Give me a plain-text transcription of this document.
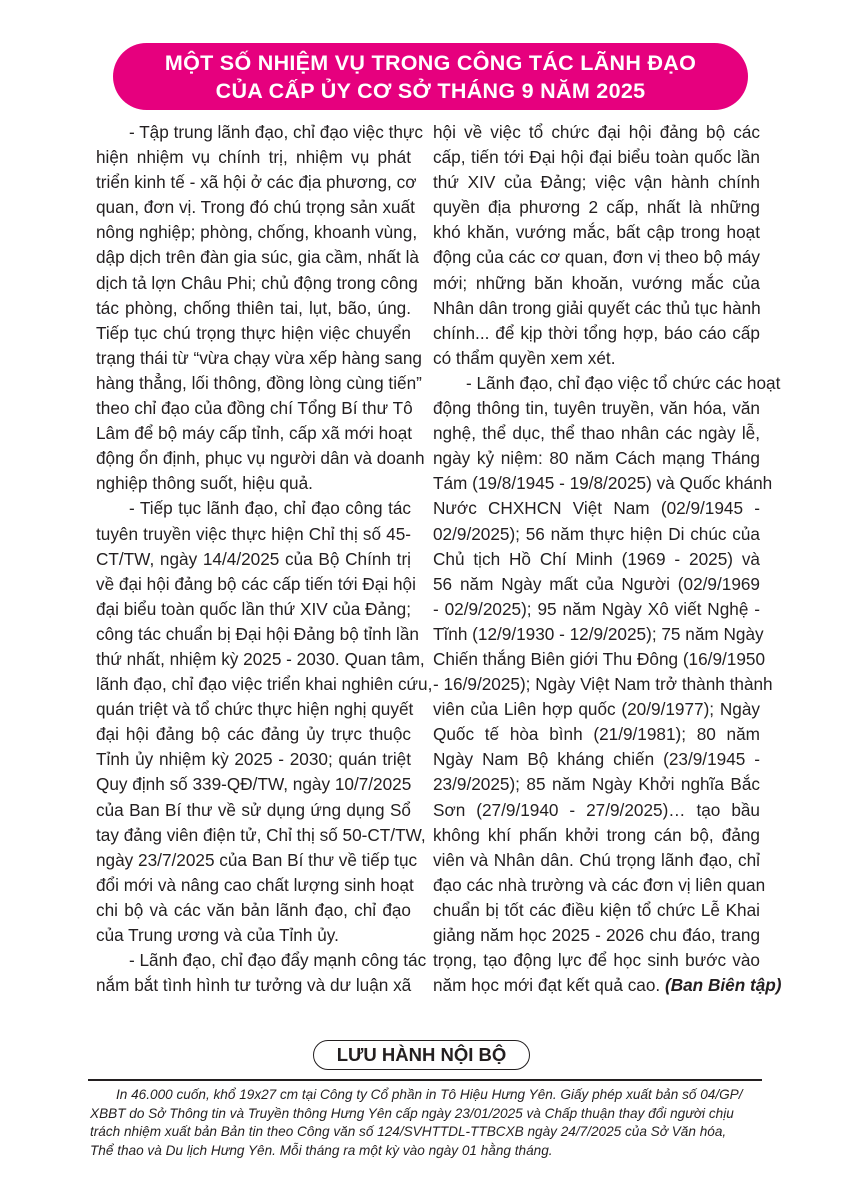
MỘT SỐ NHIỆM VỤ TRONG CÔNG TÁC LÃNH ĐẠO
CỦA CẤP ỦY CƠ SỞ THÁNG 9 NĂM 2025
- Tập trung lãnh đạo, chỉ đạo việc thực
hiện nhiệm vụ chính trị, nhiệm vụ phát
triển kinh tế - xã hội ở các địa phương, cơ
quan, đơn vị. Trong đó chú trọng sản xuất
nông nghiệp; phòng, chống, khoanh vùng,
dập dịch trên đàn gia súc, gia cầm, nhất là
dịch tả lợn Châu Phi; chủ động trong công
tác phòng, chống thiên tai, lụt, bão, úng.
Tiếp tục chú trọng thực hiện việc chuyển
trạng thái từ “vừa chạy vừa xếp hàng sang
hàng thẳng, lối thông, đồng lòng cùng tiến”
theo chỉ đạo của đồng chí Tổng Bí thư Tô
Lâm để bộ máy cấp tỉnh, cấp xã mới hoạt
động ổn định, phục vụ người dân và doanh
nghiệp thông suốt, hiệu quả.
- Tiếp tục lãnh đạo, chỉ đạo công tác
tuyên truyền việc thực hiện Chỉ thị số 45-
CT/TW, ngày 14/4/2025 của Bộ Chính trị
về đại hội đảng bộ các cấp tiến tới Đại hội
đại biểu toàn quốc lần thứ XIV của Đảng;
công tác chuẩn bị Đại hội Đảng bộ tỉnh lần
thứ nhất, nhiệm kỳ 2025 - 2030. Quan tâm,
lãnh đạo, chỉ đạo việc triển khai nghiên cứu,
quán triệt và tổ chức thực hiện nghị quyết
đại hội đảng bộ các đảng ủy trực thuộc
Tỉnh ủy nhiệm kỳ 2025 - 2030; quán triệt
Quy định số 339-QĐ/TW, ngày 10/7/2025
của Ban Bí thư về sử dụng ứng dụng Sổ
tay đảng viên điện tử, Chỉ thị số 50-CT/TW,
ngày 23/7/2025 của Ban Bí thư về tiếp tục
đổi mới và nâng cao chất lượng sinh hoạt
chi bộ và các văn bản lãnh đạo, chỉ đạo
của Trung ương và của Tỉnh ủy.
- Lãnh đạo, chỉ đạo đẩy mạnh công tác
nắm bắt tình hình tư tưởng và dư luận xã
hội về việc tổ chức đại hội đảng bộ các
cấp, tiến tới Đại hội đại biểu toàn quốc lần
thứ XIV của Đảng; việc vận hành chính
quyền địa phương 2 cấp, nhất là những
khó khăn, vướng mắc, bất cập trong hoạt
động của các cơ quan, đơn vị theo bộ máy
mới; những băn khoăn, vướng mắc của
Nhân dân trong giải quyết các thủ tục hành
chính... để kịp thời tổng hợp, báo cáo cấp
có thẩm quyền xem xét.
- Lãnh đạo, chỉ đạo việc tổ chức các hoạt
động thông tin, tuyên truyền, văn hóa, văn
nghệ, thể dục, thể thao nhân các ngày lễ,
ngày kỷ niệm: 80 năm Cách mạng Tháng
Tám (19/8/1945 - 19/8/2025) và Quốc khánh
Nước CHXHCN Việt Nam (02/9/1945 -
02/9/2025); 56 năm thực hiện Di chúc của
Chủ tịch Hồ Chí Minh (1969 - 2025) và
56 năm Ngày mất của Người (02/9/1969
- 02/9/2025); 95 năm Ngày Xô viết Nghệ -
Tĩnh (12/9/1930 - 12/9/2025); 75 năm Ngày
Chiến thắng Biên giới Thu Đông (16/9/1950
- 16/9/2025); Ngày Việt Nam trở thành thành
viên của Liên hợp quốc (20/9/1977); Ngày
Quốc tế hòa bình (21/9/1981); 80 năm
Ngày Nam Bộ kháng chiến (23/9/1945 -
23/9/2025); 85 năm Ngày Khởi nghĩa Bắc
Sơn (27/9/1940 - 27/9/2025)… tạo bầu
không khí phấn khởi trong cán bộ, đảng
viên và Nhân dân. Chú trọng lãnh đạo, chỉ
đạo các nhà trường và các đơn vị liên quan
chuẩn bị tốt các điều kiện tổ chức Lễ Khai
giảng năm học 2025 - 2026 chu đáo, trang
trọng, tạo động lực để học sinh bước vào
năm học mới đạt kết quả cao. (Ban Biên tập)
LƯU HÀNH NỘI BỘ
In 46.000 cuốn, khổ 19x27 cm tại Công ty Cổ phần in Tô Hiệu Hưng Yên. Giấy phép xuất bản số 04/GP/
XBBT do Sở Thông tin và Truyền thông Hưng Yên cấp ngày 23/01/2025 và Chấp thuận thay đổi người chịu
trách nhiệm xuất bản Bản tin theo Công văn số 124/SVHTTDL-TTBCXB ngày 24/7/2025 của Sở Văn hóa,
Thể thao và Du lịch Hưng Yên. Mỗi tháng ra một kỳ vào ngày 01 hằng tháng.
